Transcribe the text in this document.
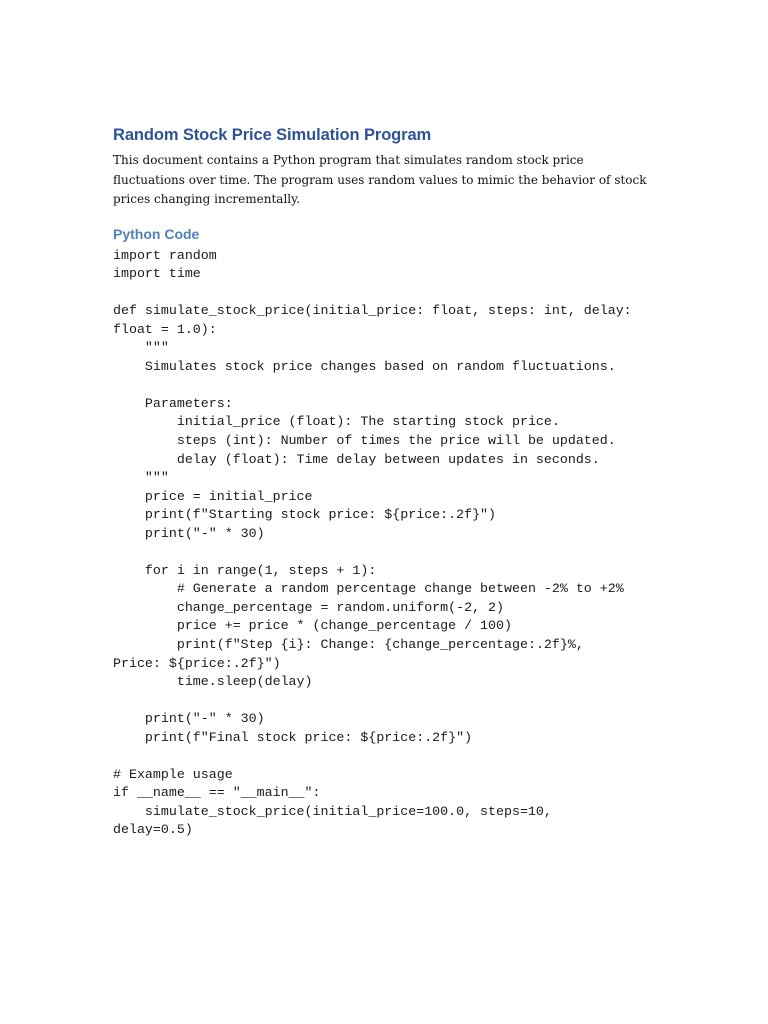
Random Stock Price Simulation Program

This document contains a Python program that simulates random stock price fluctuations over time. The program uses random values to mimic the behavior of stock prices changing incrementally.

Python Code
import random
import time

def simulate_stock_price(initial_price: float, steps: int, delay:
float = 1.0):
"""
Simulates stock price changes based on random fluctuations.

Parameters:
initial_price (float): The starting stock price.
steps (int): Number of times the price will be updated.
delay (float): Time delay between updates in seconds.
"""
price = initial_price
print(f"Starting stock price: ${price:.2f}")
print("-" * 30)

for i in range(1, steps + 1):
# Generate a random percentage change between -2% to +2%
change_percentage = random.uniform(-2, 2)
price += price * (change_percentage / 100)
print(f"Step {i}: Change: {change_percentage:.2f}%,
Price: ${price:.2f}")
time.sleep(delay)

print("-" * 30)
print(f"Final stock price: ${price:.2f}")

# Example usage
if __name__ == "__main__":
simulate_stock_price(initial_price=100.0, steps=10,
delay=0.5)
